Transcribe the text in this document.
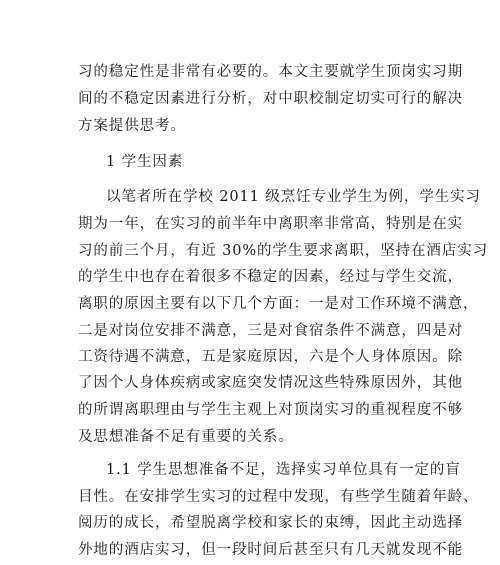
习的稳定性是非常有必要的。本文主要就学生顶岗实习期
间的不稳定因素进行分析，对中职校制定切实可行的解决
方案提供思考。
1 学生因素
以笔者所在学校 2011 级烹饪专业学生为例，学生实习
期为一年，在实习的前半年中离职率非常高，特别是在实
习的前三个月，有近 30%的学生要求离职，坚持在酒店实习
的学生中也存在着很多不稳定的因素，经过与学生交流，
离职的原因主要有以下几个方面：一是对工作环境不满意，
二是对岗位安排不满意，三是对食宿条件不满意，四是对
工资待遇不满意，五是家庭原因，六是个人身体原因。除
了因个人身体疾病或家庭突发情况这些特殊原因外，其他
的所谓离职理由与学生主观上对顶岗实习的重视程度不够
及思想准备不足有重要的关系。
1.1 学生思想准备不足，选择实习单位具有一定的盲
目性。在安排学生实习的过程中发现，有些学生随着年龄、
阅历的成长，希望脱离学校和家长的束缚，因此主动选择
外地的酒店实习，但一段时间后甚至只有几天就发现不能
